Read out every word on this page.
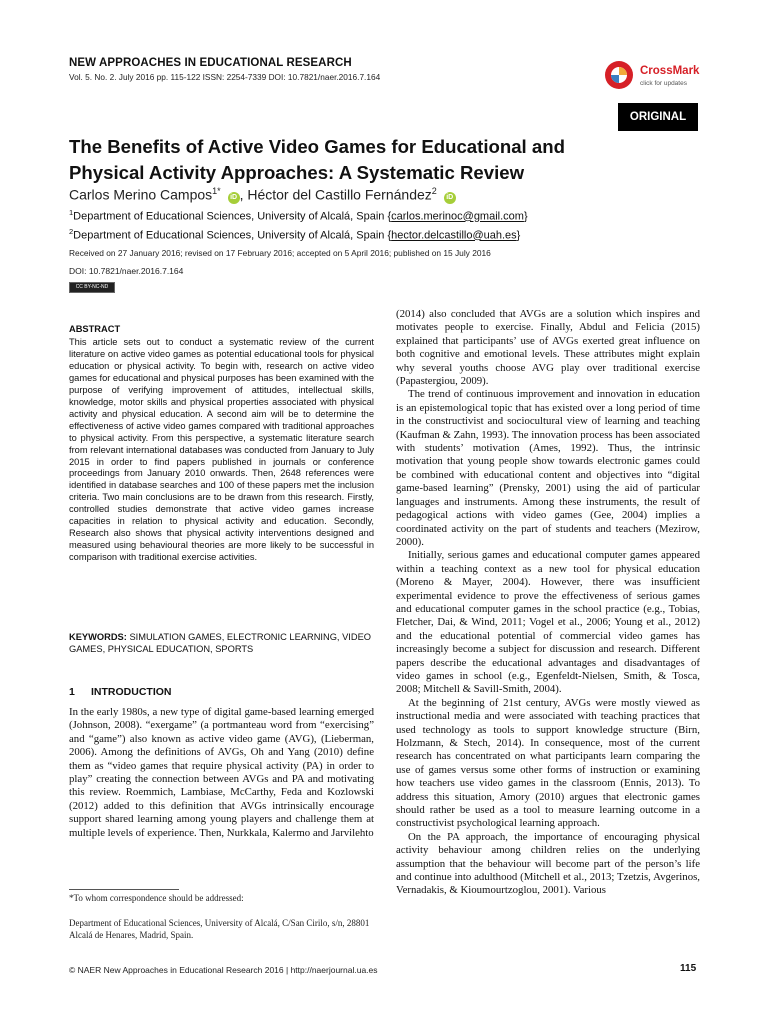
NEW APPROACHES IN EDUCATIONAL RESEARCH
Vol. 5. No. 2. July 2016 pp. 115-122 ISSN: 2254-7339 DOI: 10.7821/naer.2016.7.164	CrossMark
click for updates
ORIGINAL
The Benefits of Active Video Games for Educational and Physical Activity Approaches: A Systematic Review
Carlos Merino Campos$^{1*}$ iD , Héctor del Castillo Fernández$^2$ iD
$^1$Department of Educational Sciences, University of Alcalá, Spain {carlos.merinoc@gmail.com}
$^2$Department of Educational Sciences, University of Alcalá, Spain {hector.delcastillo@uah.es}
Received on 27 January 2016; revised on 17 February 2016; accepted on 5 April 2016; published on 15 July 2016
DOI: 10.7821/naer.2016.7.164
CC BY-NC-ND
ABSTRACT

This article sets out to conduct a systematic review of the current literature on active video games as potential educational tools for physical education or physical activity. To begin with, research on active video games for educational and physical purposes has been examined with the purpose of verifying improvement of attitudes, intellectual skills, knowledge, motor skills and physical properties associated with physical activity and physical education. A second aim will be to determine the effectiveness of active video games compared with traditional approaches to physical activity. From this perspective, a systematic literature search from relevant international databases was conducted from January to July 2015 in order to find papers published in journals or conference proceedings from January 2010 onwards. Then, 2648 references were identified in database searches and 100 of these papers met the inclusion criteria. Two main conclusions are to be drawn from this research. Firstly, controlled studies demonstrate that active video games increase capacities in relation to physical activity and education. Secondly, Research also shows that physical activity interventions designed and measured using behavioural theories are more likely to be successful in comparison with traditional exercise activities.

KEYWORDS: SIMULATION GAMES, ELECTRONIC LEARNING, VIDEO GAMES, PHYSICAL EDUCATION, SPORTS

1 INTRODUCTION

In the early 1980s, a new type of digital game-based learning emerged (Johnson, 2008). “exergame” (a portmanteau word from “exercising” and “game”) also known as active video game (AVG), (Lieberman, 2006). Among the definitions of AVGs, Oh and Yang (2010) define them as “video games that require physical activity (PA) in order to play” creating the connection between AVGs and PA and motivating this review. Roemmich, Lambiase, McCarthy, Feda and Kozlowski (2012) added to this definition that AVGs intrinsically encourage support shared learning among young players and challenge them at multiple levels of experience. Then, Nurkkala, Kalermo and Jarvilehto

*To whom correspondence should be addressed:

Department of Educational Sciences, University of Alcalá, C/San Cirilo, s/n, 28801 Alcalá de Henares, Madrid, Spain.

(2014) also concluded that AVGs are a solution which inspires and motivates people to exercise. Finally, Abdul and Felicia (2015) explained that participants’ use of AVGs exerted great influence on both cognitive and emotional levels. These attributes might explain why several youths choose AVG play over traditional exercise (Papastergiou, 2009).

The trend of continuous improvement and innovation in education is an epistemological topic that has existed over a long period of time in the constructivist and sociocultural view of learning and teaching (Kaufman & Zahn, 1993). The innovation process has been associated with students’ motivation (Ames, 1992). Thus, the intrinsic motivation that young people show towards electronic games could be combined with educational content and objectives into “digital game-based learning” (Prensky, 2001) using the aid of particular languages and instruments. Among these instruments, the result of pedagogical actions with video games (Gee, 2004) implies a coordinated activity on the part of students and teachers (Mezirow, 2000).

Initially, serious games and educational computer games appeared within a teaching context as a new tool for physical education (Moreno & Mayer, 2004). However, there was insufficient experimental evidence to prove the effectiveness of serious games and educational computer games in the school practice (e.g., Tobias, Fletcher, Dai, & Wind, 2011; Vogel et al., 2006; Young et al., 2012) and the educational potential of commercial video games has increasingly become a subject for discussion and research. Different papers describe the educational advantages and disadvantages of video games in school (e.g., Egenfeldt-Nielsen, Smith, & Tosca, 2008; Mitchell & Savill-Smith, 2004).

At the beginning of 21st century, AVGs were mostly viewed as instructional media and were associated with teaching practices that used technology as tools to support knowledge structure (Birn, Holzmann, & Stech, 2014). In consequence, most of the current research has concentrated on what participants learn comparing the use of games versus some other forms of instruction or examining how teachers use video games in the classroom (Ennis, 2013). To address this situation, Amory (2010) argues that electronic games should rather be used as a tool to measure learning outcome in a constructivist psychological learning approach.

On the PA approach, the importance of encouraging physical activity behaviour among children relies on the underlying assumption that the behaviour will become part of the person’s life and continue into adulthood (Mitchell et al., 2013; Tzetzis, Avgerinos, Vernadakis, & Kioumourtzoglou, 2001). Various

© NAER New Approaches in Educational Research 2016 | http://naerjournal.ua.es	115
